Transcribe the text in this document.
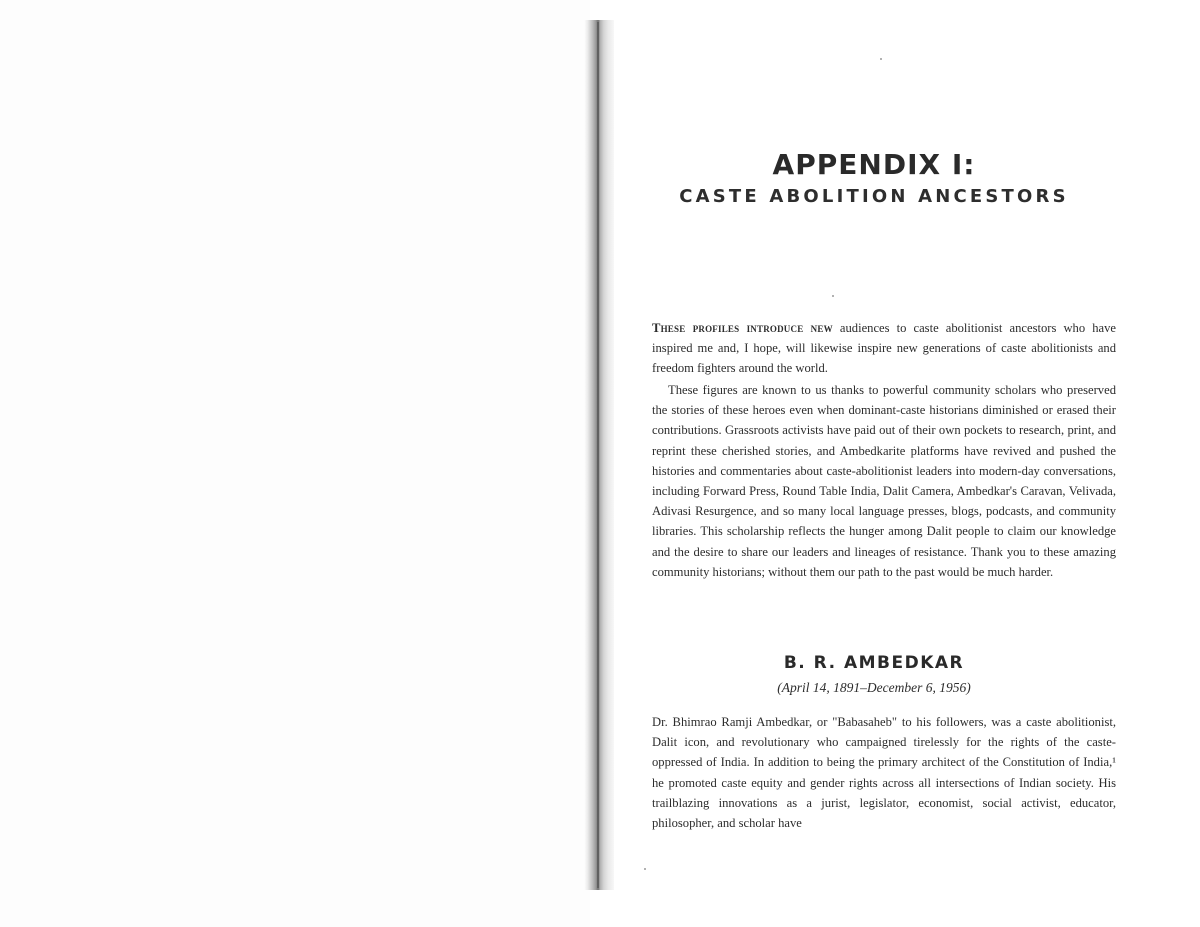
APPENDIX I:
CASTE ABOLITION ANCESTORS

These profiles introduce new audiences to caste abolitionist ancestors who have inspired me and, I hope, will likewise inspire new generations of caste abolitionists and freedom fighters around the world.

These figures are known to us thanks to powerful community scholars who preserved the stories of these heroes even when dominant-caste historians diminished or erased their contributions. Grassroots activists have paid out of their own pockets to research, print, and reprint these cherished stories, and Ambedkarite platforms have revived and pushed the histories and commentaries about caste-abolitionist leaders into modern-day conversations, including Forward Press, Round Table India, Dalit Camera, Ambedkar's Caravan, Velivada, Adivasi Resurgence, and so many local language presses, blogs, podcasts, and community libraries. This scholarship reflects the hunger among Dalit people to claim our knowledge and the desire to share our leaders and lineages of resistance. Thank you to these amazing community historians; without them our path to the past would be much harder.

B. R. AMBEDKAR

(April 14, 1891–December 6, 1956)

Dr. Bhimrao Ramji Ambedkar, or "Babasaheb" to his followers, was a caste abolitionist, Dalit icon, and revolutionary who campaigned tirelessly for the rights of the caste-oppressed of India. In addition to being the primary architect of the Constitution of India,¹ he promoted caste equity and gender rights across all intersections of Indian society. His trailblazing innovations as a jurist, legislator, economist, social activist, educator, philosopher, and scholar have
